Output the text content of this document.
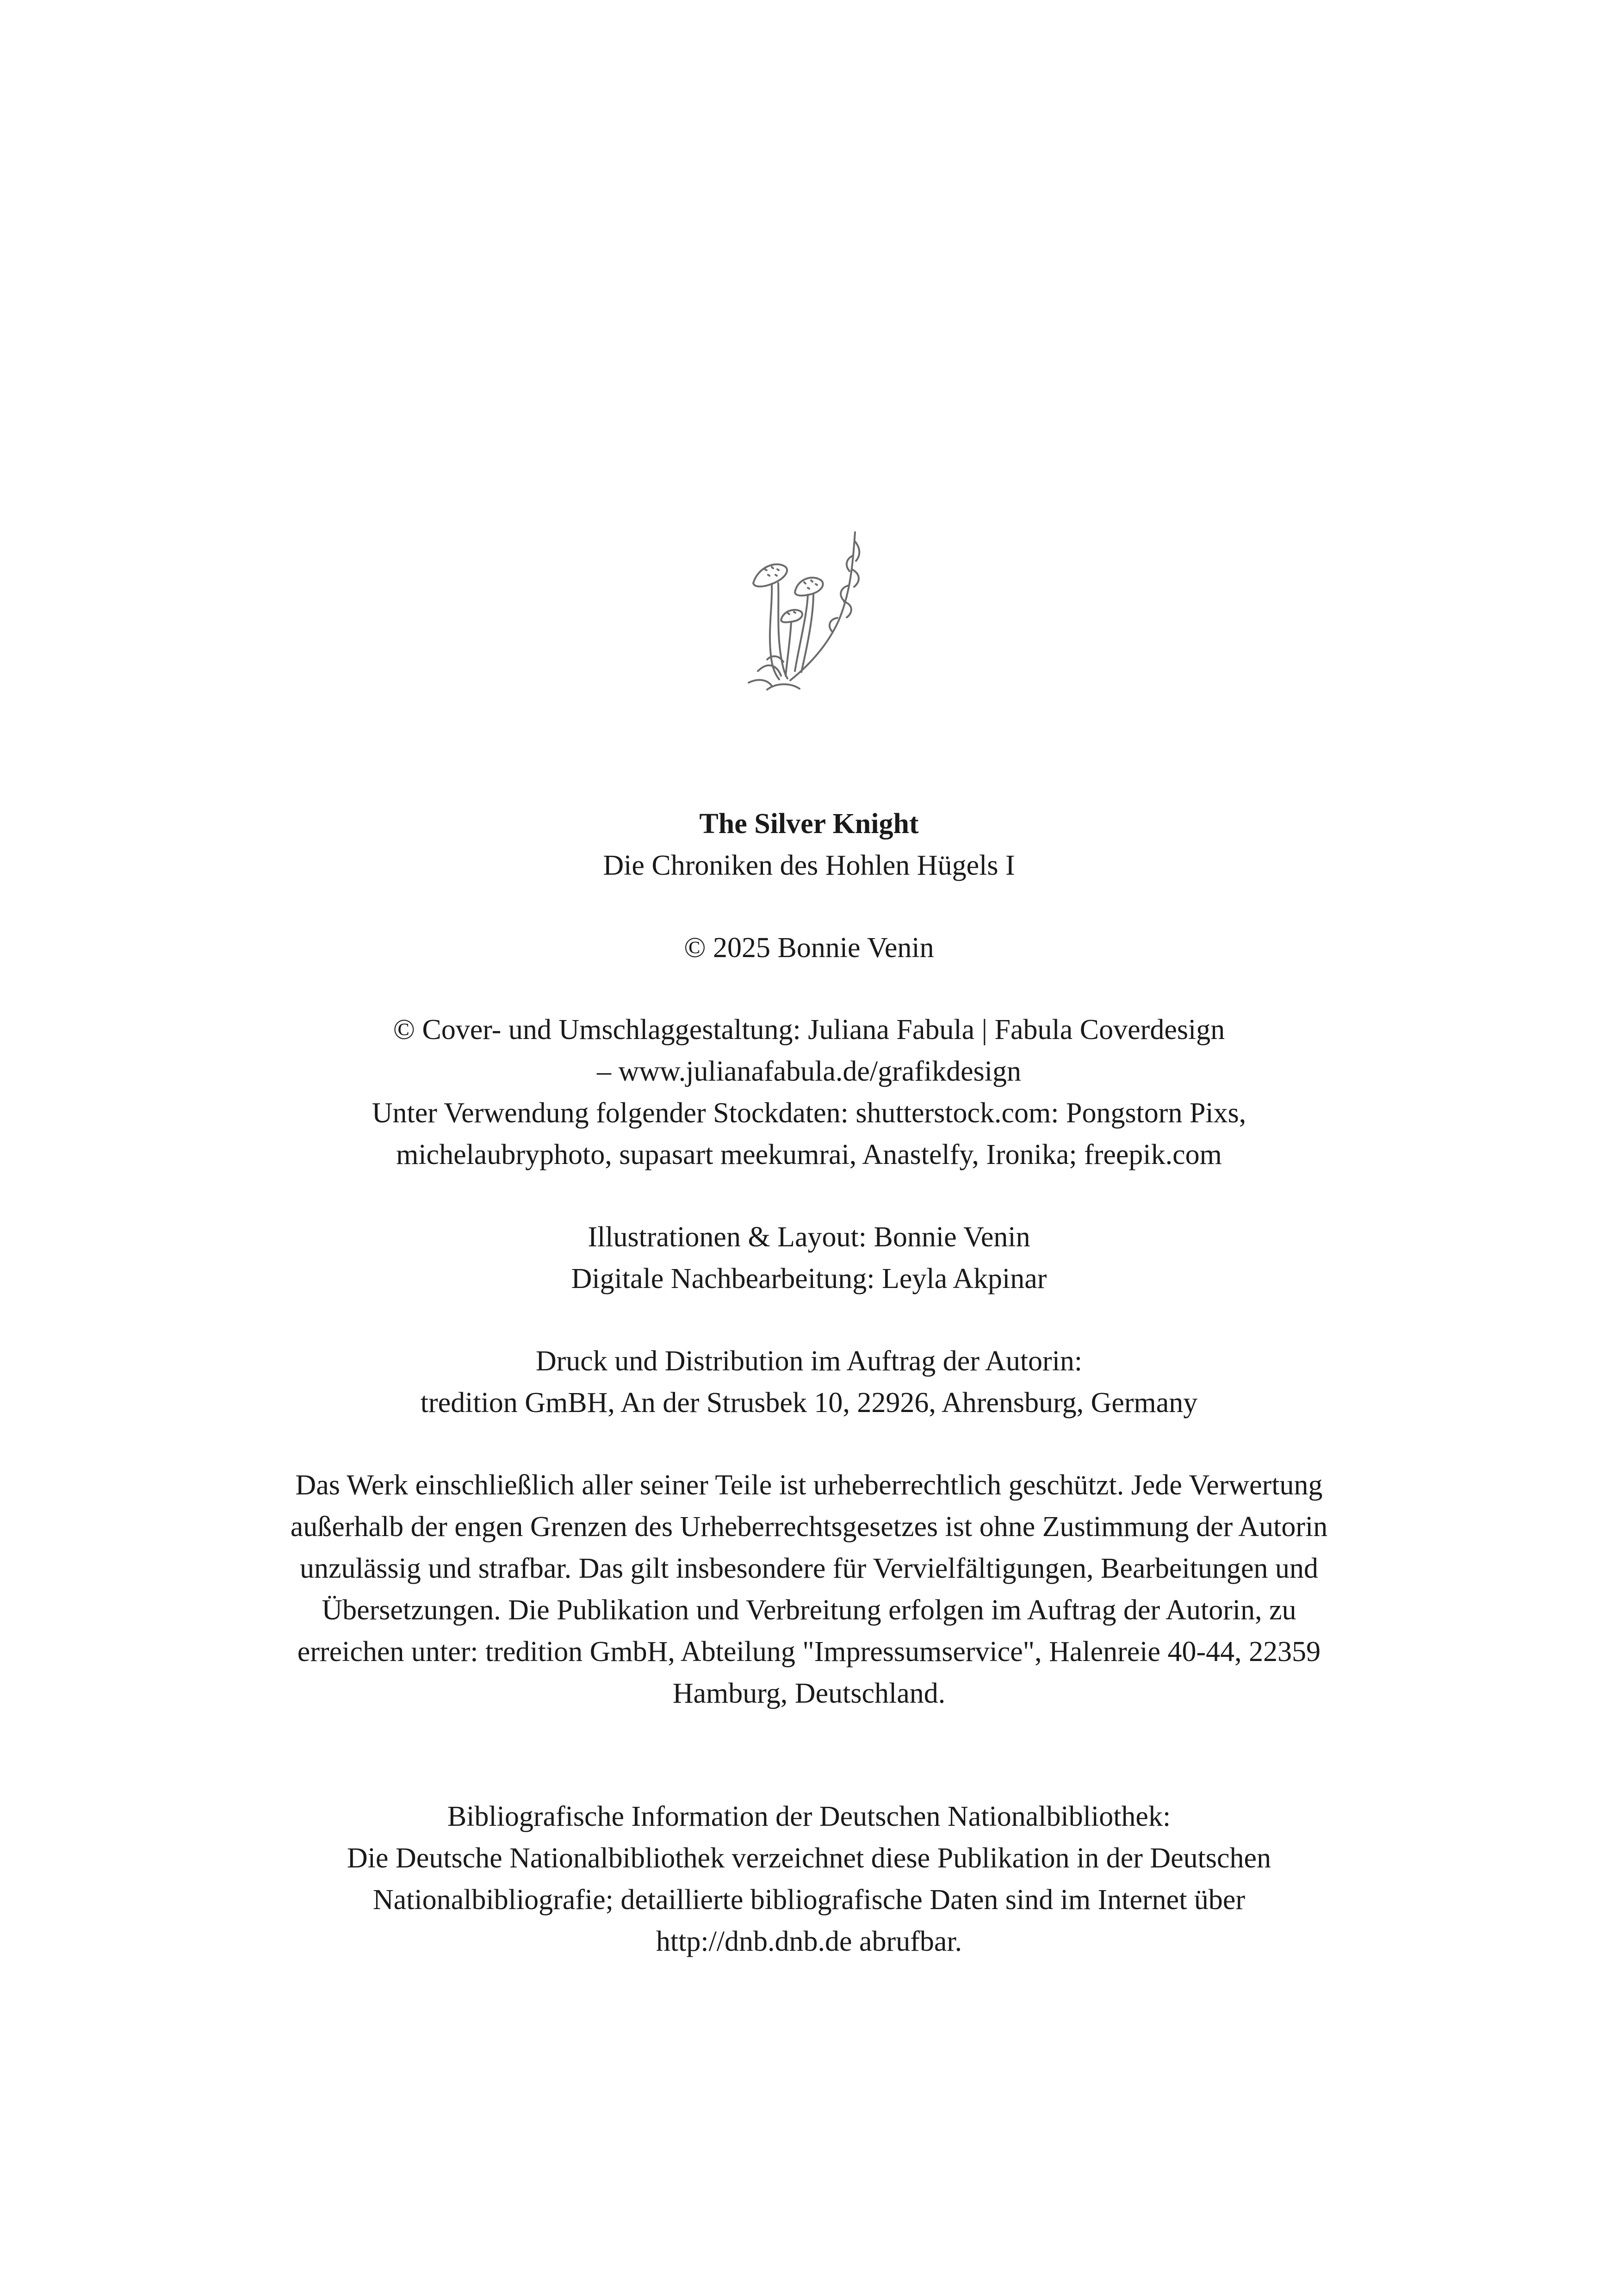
The Silver Knight
Die Chroniken des Hohlen Hügels I
© 2025 Bonnie Venin
© Cover- und Umschlaggestaltung: Juliana Fabula | Fabula Coverdesign
– www.julianafabula.de/grafikdesign
Unter Verwendung folgender Stockdaten: shutterstock.com: Pongstorn Pixs,
michelaubryphoto, supasart meekumrai, Anastelfy, Ironika; freepik.com
Illustrationen & Layout: Bonnie Venin
Digitale Nachbearbeitung: Leyla Akpinar
Druck und Distribution im Auftrag der Autorin:
tredition GmBH, An der Strusbek 10, 22926, Ahrensburg, Germany
Das Werk einschließlich aller seiner Teile ist urheberrechtlich geschützt. Jede Verwertung
außerhalb der engen Grenzen des Urheberrechtsgesetzes ist ohne Zustimmung der Autorin
unzulässig und strafbar. Das gilt insbesondere für Vervielfältigungen, Bearbeitungen und
Übersetzungen. Die Publikation und Verbreitung erfolgen im Auftrag der Autorin, zu
erreichen unter: tredition GmbH, Abteilung "Impressumservice", Halenreie 40-44, 22359
Hamburg, Deutschland.
Bibliografische Information der Deutschen Nationalbibliothek:
Die Deutsche Nationalbibliothek verzeichnet diese Publikation in der Deutschen
Nationalbibliografie; detaillierte bibliografische Daten sind im Internet über
http://dnb.dnb.de abrufbar.
